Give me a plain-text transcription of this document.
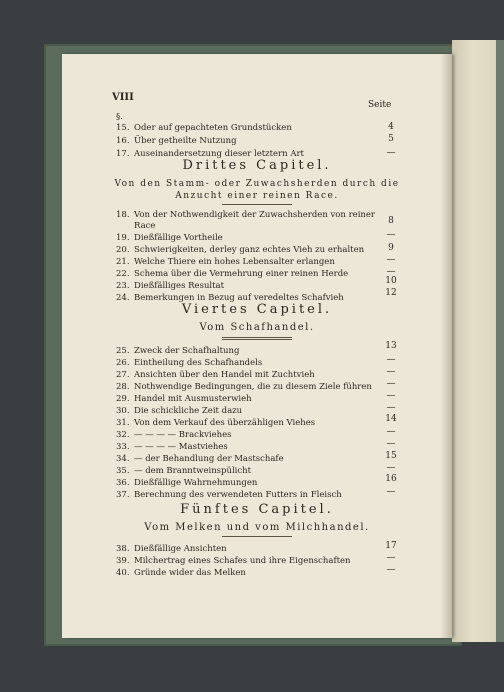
VIII
Seite
§.
15. Oder auf gepachteten Grundstücken	4
16. Über getheilte Nutzung	5
17. Auseinandersetzung dieser letztern Art	—
Drittes Capitel.
Von den Stamm- oder Zuwachsherden durch die
Anzucht einer reinen Race.
18. Von der Nothwendigkeit der Zuwachsherden von reiner
Race	8
19. Dießfällige Vortheile	—
20. Schwierigkeiten, derley ganz echtes Vieh zu erhalten	9
21. Welche Thiere ein hohes Lebensalter erlangen	—
22. Schema über die Vermehrung einer reinen Herde	—
23. Dießfälliges Resultat	10
24. Bemerkungen in Bezug auf veredeltes Schafvieh	12
Viertes Capitel.
Vom Schafhandel.
25. Zweck der Schafhaltung	13
26. Eintheilung des Schafhandels	—
27. Ansichten über den Handel mit Zuchtvieh	—
28. Nothwendige Bedingungen, die zu diesem Ziele führen	—
29. Handel mit Ausmusterwieh	—
30. Die schickliche Zeit dazu	—
31. Von dem Verkauf des überzähligen Viehes	14
32. — — — — Brackviehes	—
33. — — — — Mastviehes	—
34. — der Behandlung der Mastschafe	15
35. — dem Branntweinspülicht	—
36. Dießfällige Wahrnehmungen	16
37. Berechnung des verwendeten Futters in Fleisch	—
Fünftes Capitel.
Vom Melken und vom Milchhandel.
38. Dießfällige Ansichten	17
39. Milchertrag eines Schafes und ihre Eigenschaften	—
40. Gründe wider das Melken	—
